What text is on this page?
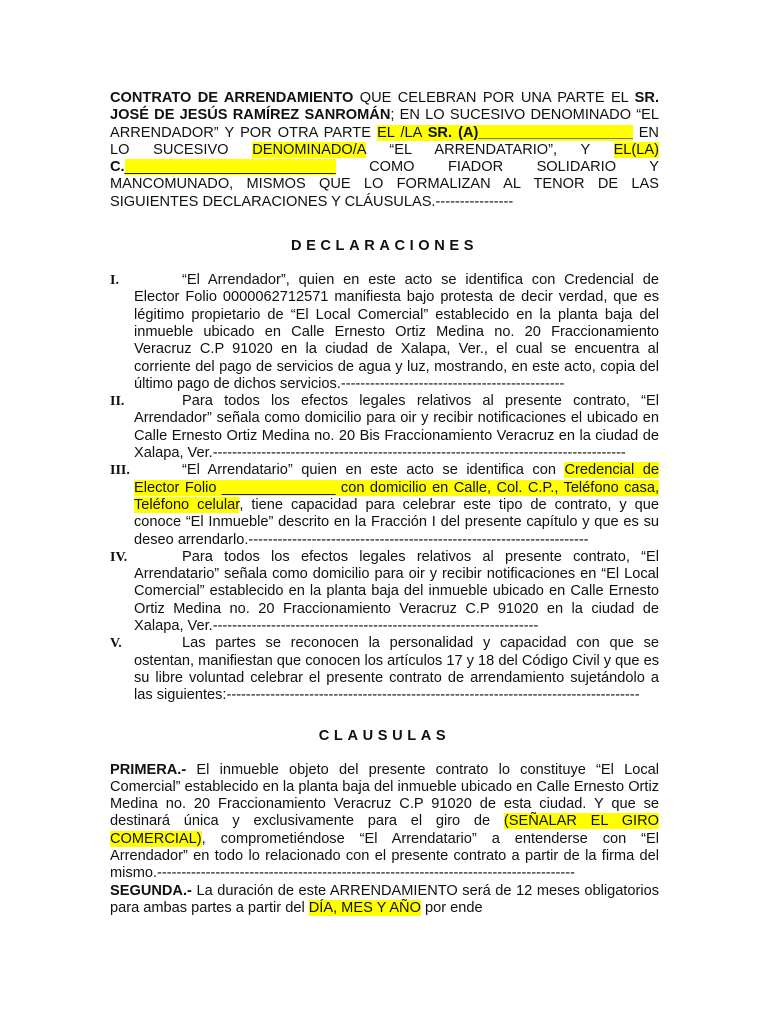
CONTRATO DE ARRENDAMIENTO QUE CELEBRAN POR UNA PARTE EL SR. JOSÉ DE JESÚS RAMÍREZ SANROMÁN; EN LO SUCESIVO DENOMINADO “EL ARRENDADOR” Y POR OTRA PARTE EL /LA SR. (A)___________________ EN LO SUCESIVO DENOMINADO/A “EL ARRENDATARIO”, Y EL(LA) C.__________________________ COMO FIADOR SOLIDARIO Y MANCOMUNADO, MISMOS QUE LO FORMALIZAN AL TENOR DE LAS SIGUIENTES DECLARACIONES Y CLÁUSULAS.----------------

DECLARACIONES

I.	“El Arrendador”, quien en este acto se identifica con Credencial de Elector Folio 0000062712571 manifiesta bajo protesta de decir verdad, que es légitimo propietario de “El Local Comercial” establecido en la planta baja del inmueble ubicado en Calle Ernesto Ortiz Medina no. 20 Fraccionamiento Veracruz C.P 91020 en la ciudad de Xalapa, Ver., el cual se encuentra al corriente del pago de servicios de agua y luz, mostrando, en este acto, copia del último pago de dichos servicios.----------------------------------------------
II.	Para todos los efectos legales relativos al presente contrato, “El Arrendador” señala como domicilio para oir y recibir notificaciones el ubicado en Calle Ernesto Ortiz Medina no. 20 Bis Fraccionamiento Veracruz en la ciudad de Xalapa, Ver.-------------------------------------------------------------------------------------
III.	“El Arrendatario” quien en este acto se identifica con Credencial de Elector Folio ______________ con domicilio en Calle, Col. C.P., Teléfono casa, Teléfono celular, tiene capacidad para celebrar este tipo de contrato, y que conoce “El Inmueble” descrito en la Fracción I del presente capítulo y que es su deseo arrendarlo.----------------------------------------------------------------------
IV.	Para todos los efectos legales relativos al presente contrato, “El Arrendatario” señala como domicilio para oir y recibir notificaciones en “El Local Comercial” establecido en la planta baja del inmueble ubicado en Calle Ernesto Ortiz Medina no. 20 Fraccionamiento Veracruz C.P 91020 en la ciudad de Xalapa, Ver.-------------------------------------------------------------------
V.	Las partes se reconocen la personalidad y capacidad con que se ostentan, manifiestan que conocen los artículos 17 y 18 del Código Civil y que es su libre voluntad celebrar el presente contrato de arrendamiento sujetándolo a las siguientes:-------------------------------------------------------------------------------------

CLAUSULAS

PRIMERA.- El inmueble objeto del presente contrato lo constituye “El Local Comercial” establecido en la planta baja del inmueble ubicado en Calle Ernesto Ortiz Medina no. 20 Fraccionamiento Veracruz C.P 91020 de esta ciudad. Y que se destinará única y exclusivamente para el giro de (SEÑALAR EL GIRO COMERCIAL), comprometiéndose “El Arrendatario” a entenderse con “El Arrendador” en todo lo relacionado con el presente contrato a partir de la firma del mismo.--------------------------------------------------------------------------------------

SEGUNDA.- La duración de este ARRENDAMIENTO será de 12 meses obligatorios para ambas partes a partir del DÍA, MES Y AÑO por ende
